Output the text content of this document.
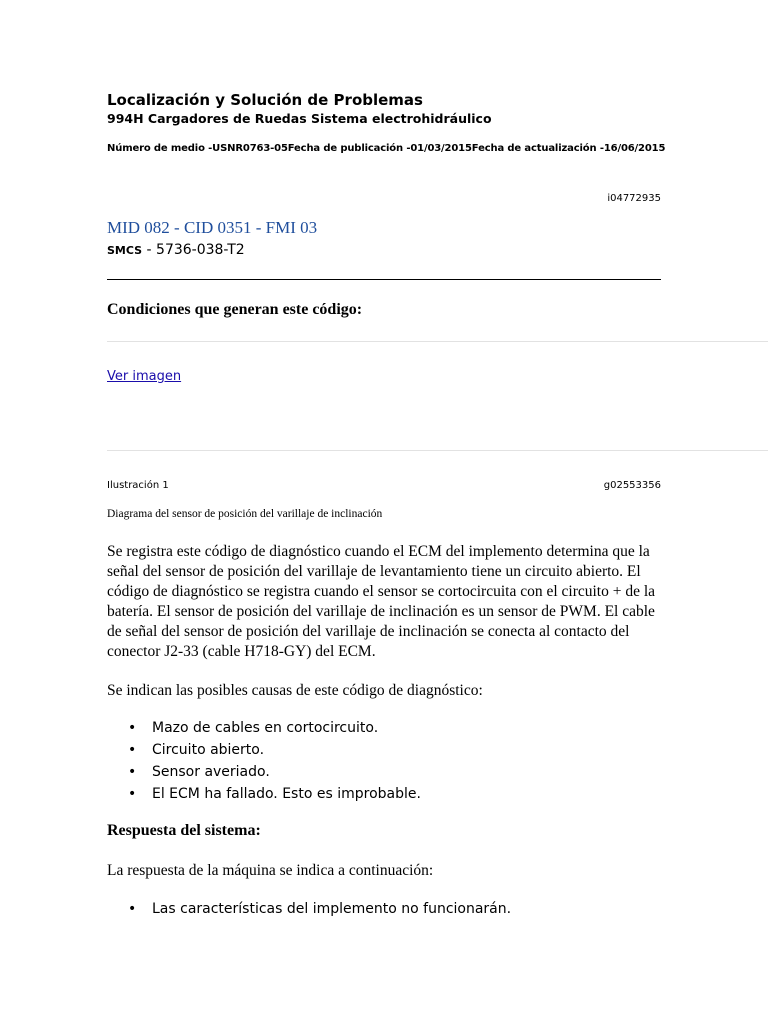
Localización y Solución de Problemas
994H Cargadores de Ruedas Sistema electrohidráulico
Número de medio -USNR0763-05Fecha de publicación -01/03/2015Fecha de actualización -16/06/2015
i04772935
MID 082 - CID 0351 - FMI 03
SMCS - 5736-038-T2
Condiciones que generan este código:
Ver imagen
Ilustración 1	g02553356
Diagrama del sensor de posición del varillaje de inclinación
Se registra este código de diagnóstico cuando el ECM del implemento determina que la señal del sensor de posición del varillaje de levantamiento tiene un circuito abierto. El código de diagnóstico se registra cuando el sensor se cortocircuita con el circuito + de la batería. El sensor de posición del varillaje de inclinación es un sensor de PWM. El cable de señal del sensor de posición del varillaje de inclinación se conecta al contacto del conector J2-33 (cable H718-GY) del ECM.
Se indican las posibles causas de este código de diagnóstico:
• Mazo de cables en cortocircuito.
• Circuito abierto.
• Sensor averiado.
• El ECM ha fallado. Esto es improbable.
Respuesta del sistema:
La respuesta de la máquina se indica a continuación:
• Las características del implemento no funcionarán.
